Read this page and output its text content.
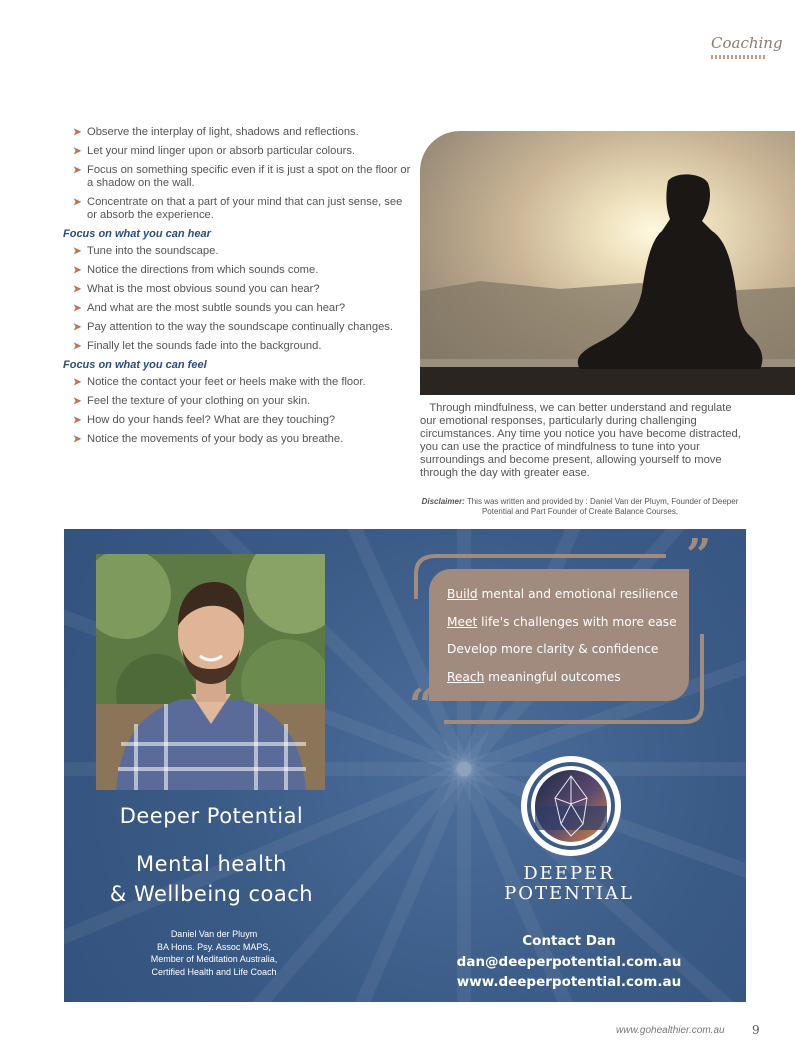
Coaching
➤ Observe the interplay of light, shadows and reflections.
➤ Let your mind linger upon or absorb particular colours.
➤ Focus on something specific even if it is just a spot on the floor or a shadow on the wall.
➤ Concentrate on that a part of your mind that can just sense, see or absorb the experience.
Focus on what you can hear
➤ Tune into the soundscape.
➤ Notice the directions from which sounds come.
➤ What is the most obvious sound you can hear?
➤ And what are the most subtle sounds you can hear?
➤ Pay attention to the way the soundscape continually changes.
➤ Finally let the sounds fade into the background.
Focus on what you can feel
➤ Notice the contact your feet or heels make with the floor.
➤ Feel the texture of your clothing on your skin.
➤ How do your hands feel? What are they touching?
➤ Notice the movements of your body as you breathe.
Through mindfulness, we can better understand and regulate our emotional responses, particularly during challenging circumstances. Any time you notice you have become distracted, you can use the practice of mindfulness to tune into your surroundings and become present, allowing yourself to move through the day with greater ease.
Disclaimer: This was written and provided by : Daniel Van der Pluym, Founder of Deeper Potential and Part Founder of Create Balance Courses.
Deeper Potential
Mental health
& Wellbeing coach
Daniel Van der Pluym
BA Hons. Psy. Assoc MAPS,
Member of Meditation Australia,
Certified Health and Life Coach
”
“
Build mental and emotional resilience
Meet life's challenges with more ease
Develop more clarity & confidence
Reach meaningful outcomes
DEEPER
POTENTIAL
Contact Dan
dan@deeperpotential.com.au
www.deeperpotential.com.au
www.gohealthier.com.au 9
